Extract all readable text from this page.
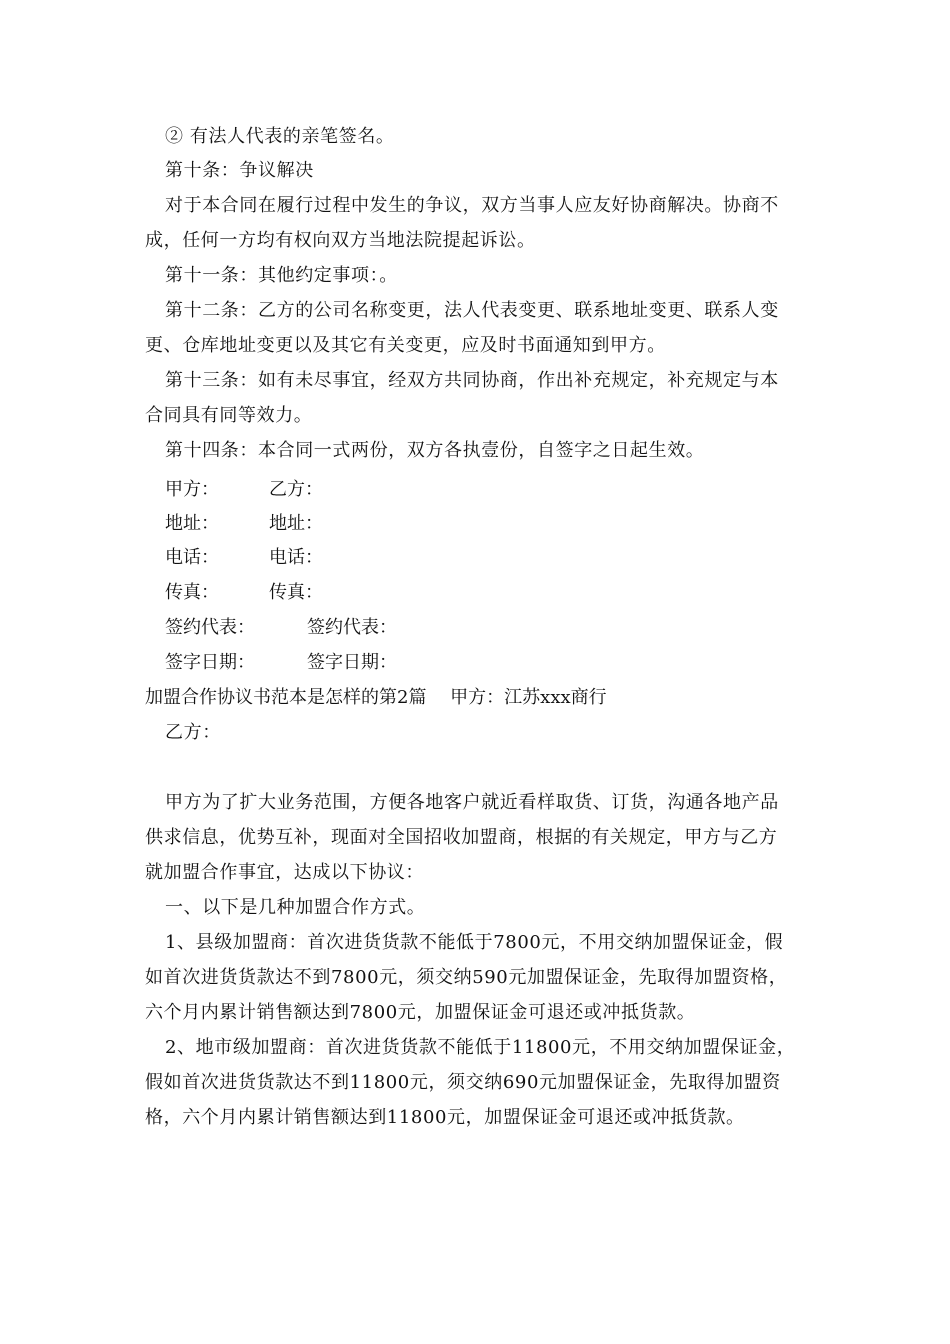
② 有法人代表的亲笔签名。
第十条：争议解决
对于本合同在履行过程中发生的争议，双方当事人应友好协商解决。协商不
成，任何一方均有权向双方当地法院提起诉讼。
第十一条：其他约定事项：。
第十二条：乙方的公司名称变更，法人代表变更、联系地址变更、联系人变
更、仓库地址变更以及其它有关变更，应及时书面通知到甲方。
第十三条：如有未尽事宜，经双方共同协商，作出补充规定，补充规定与本
合同具有同等效力。
第十四条：本合同一式两份，双方各执壹份，自签字之日起生效。
甲方：	乙方：
地址：	地址：
电话：	电话：
传真：	传真：
签约代表：	签约代表：
签字日期：	签字日期：
加盟合作协议书范本是怎样的第2篇　 甲方：江苏xxx商行
乙方：
甲方为了扩大业务范围，方便各地客户就近看样取货、订货，沟通各地产品
供求信息，优势互补，现面对全国招收加盟商，根据的有关规定，甲方与乙方
就加盟合作事宜，达成以下协议：
一、以下是几种加盟合作方式。
1、县级加盟商：首次进货货款不能低于7800元，不用交纳加盟保证金，假
如首次进货货款达不到7800元，须交纳590元加盟保证金，先取得加盟资格，
六个月内累计销售额达到7800元，加盟保证金可退还或冲抵货款。
2、地市级加盟商：首次进货货款不能低于11800元，不用交纳加盟保证金，
假如首次进货货款达不到11800元，须交纳690元加盟保证金，先取得加盟资
格，六个月内累计销售额达到11800元，加盟保证金可退还或冲抵货款。
